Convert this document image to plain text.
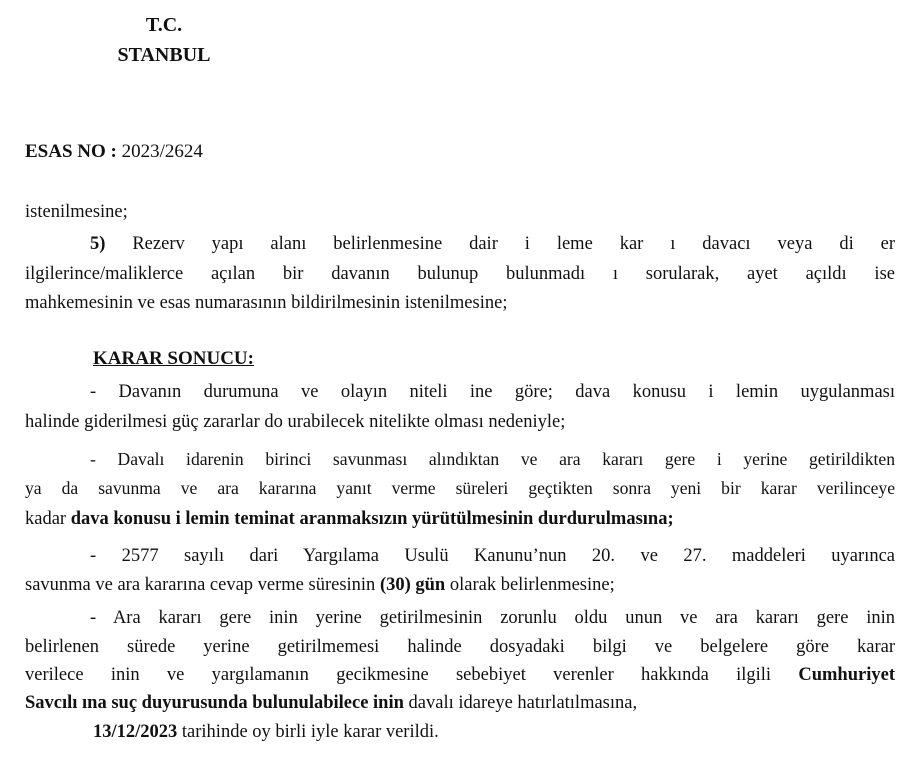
T.C.
STANBUL
ESAS NO : 2023/2624
istenilmesine;
5) Rezerv yapı alanı belirlenmesine dair i leme kar ı davacı veya di er
ilgilerince/maliklerce açılan bir davanın bulunup bulunmadı ı sorularak, ayet açıldı ise
mahkemesinin ve esas numarasının bildirilmesinin istenilmesine;
KARAR SONUCU:
- Davanın durumuna ve olayın niteli ine göre; dava konusu i lemin uygulanması
halinde giderilmesi güç zararlar do urabilecek nitelikte olması nedeniyle;
- Davalı idarenin birinci savunması alındıktan ve ara kararı gere i yerine getirildikten
ya da savunma ve ara kararına yanıt verme süreleri geçtikten sonra yeni bir karar verilinceye
kadar dava konusu i lemin teminat aranmaksızın yürütülmesinin durdurulmasına;
- 2577 sayılı dari Yargılama Usulü Kanunu’nun 20. ve 27. maddeleri uyarınca
savunma ve ara kararına cevap verme süresinin (30) gün olarak belirlenmesine;
- Ara kararı gere inin yerine getirilmesinin zorunlu oldu unun ve ara kararı gere inin
belirlenen sürede yerine getirilmemesi halinde dosyadaki bilgi ve belgelere göre karar
verilece inin ve yargılamanın gecikmesine sebebiyet verenler hakkında ilgili Cumhuriyet
Savcılı ına suç duyurusunda bulunulabilece inin davalı idareye hatırlatılmasına,
13/12/2023 tarihinde oy birli iyle karar verildi.
